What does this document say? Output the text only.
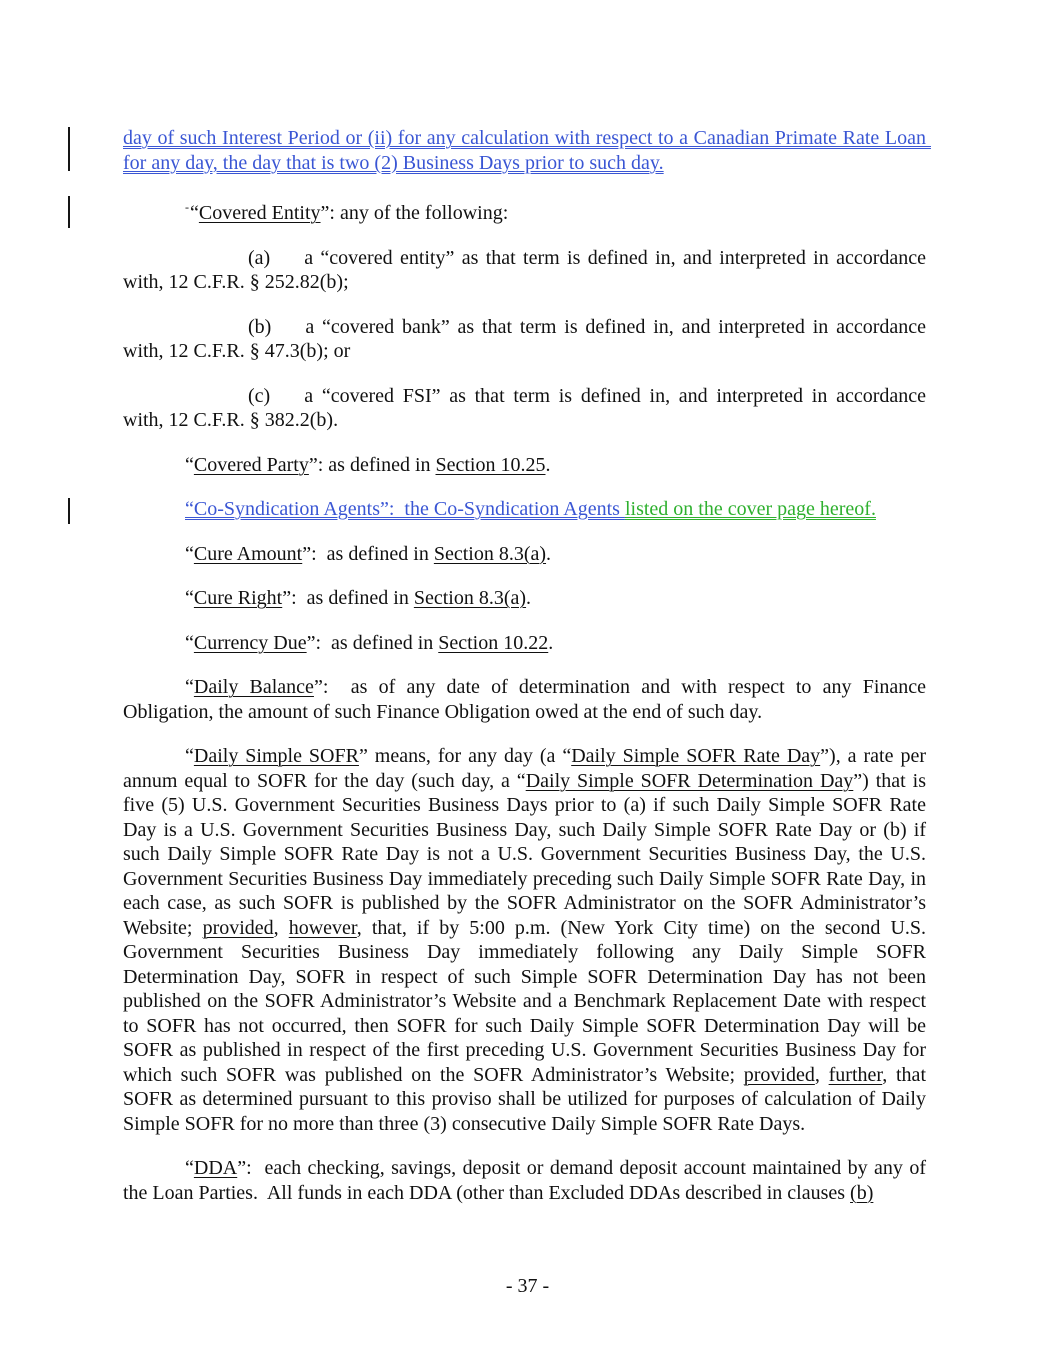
day of such Interest Period or (ii) for any calculation with respect to a Canadian Primate Rate Loan for any day, the day that is two (2) Business Days prior to such day.

-“Covered Entity”: any of the following:

(a) a “covered entity” as that term is defined in, and interpreted in accordance with, 12 C.F.R. § 252.82(b);

(b) a “covered bank” as that term is defined in, and interpreted in accordance with, 12 C.F.R. § 47.3(b); or

(c) a “covered FSI” as that term is defined in, and interpreted in accordance with, 12 C.F.R. § 382.2(b).

“Covered Party”: as defined in Section 10.25.

“Co-Syndication Agents”:  the Co-Syndication Agents listed on the cover page hereof.

“Cure Amount”:  as defined in Section 8.3(a).

“Cure Right”:  as defined in Section 8.3(a).

“Currency Due”:  as defined in Section 10.22.

“Daily Balance”:  as of any date of determination and with respect to any Finance Obligation, the amount of such Finance Obligation owed at the end of such day.

“Daily Simple SOFR” means, for any day (a “Daily Simple SOFR Rate Day”), a rate per annum equal to SOFR for the day (such day, a “Daily Simple SOFR Determination Day”) that is five (5) U.S. Government Securities Business Days prior to (a) if such Daily Simple SOFR Rate Day is a U.S. Government Securities Business Day, such Daily Simple SOFR Rate Day or (b) if such Daily Simple SOFR Rate Day is not a U.S. Government Securities Business Day, the U.S. Government Securities Business Day immediately preceding such Daily Simple SOFR Rate Day, in each case, as such SOFR is published by the SOFR Administrator on the SOFR Administrator’s Website; provided, however, that, if by 5:00 p.m. (New York City time) on the second U.S. Government Securities Business Day immediately following any Daily Simple SOFR Determination Day, SOFR in respect of such Simple SOFR Determination Day has not been published on the SOFR Administrator’s Website and a Benchmark Replacement Date with respect to SOFR has not occurred, then SOFR for such Daily Simple SOFR Determination Day will be SOFR as published in respect of the first preceding U.S. Government Securities Business Day for which such SOFR was published on the SOFR Administrator’s Website; provided, further, that SOFR as determined pursuant to this proviso shall be utilized for purposes of calculation of Daily Simple SOFR for no more than three (3) consecutive Daily Simple SOFR Rate Days.

“DDA”:  each checking, savings, deposit or demand deposit account maintained by any of the Loan Parties.  All funds in each DDA (other than Excluded DDAs described in clauses (b)

- 37 -
